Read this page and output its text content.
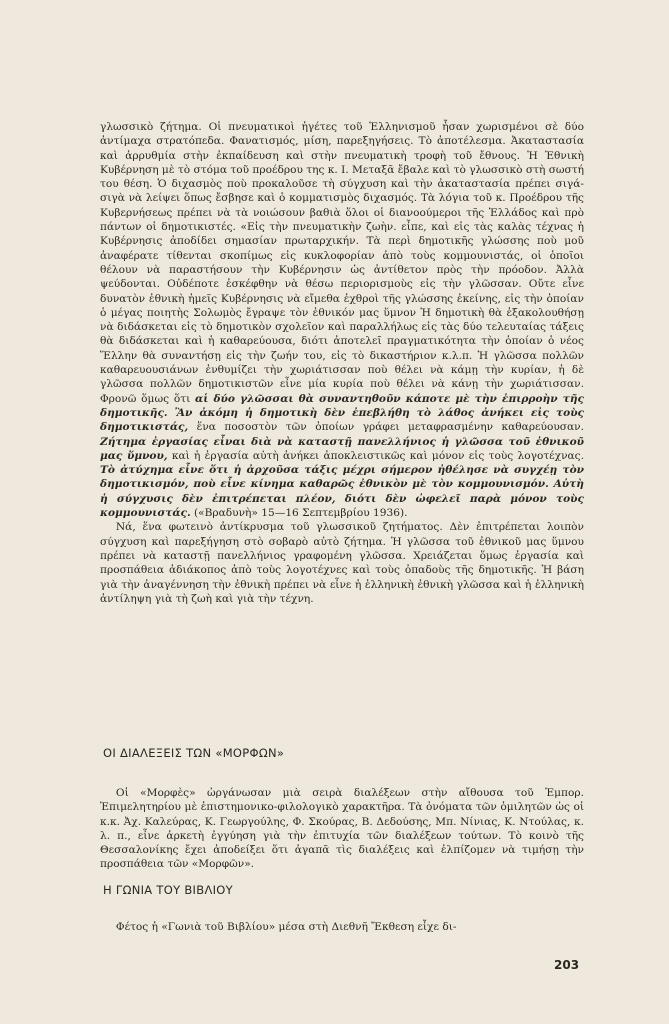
γλωσσικὸ ζήτημα. Οἱ πνευματικοὶ ἡγέτες τοῦ Ἑλληνισμοῦ ἦσαν χωρισμένοι σὲ δύο ἀντίμαχα στρατόπεδα. Φανατισμός, μίση, παρεξηγήσεις. Τὸ ἀποτέλεσμα. Ἀκαταστασία καὶ ἀρρυθμία στὴν ἐκπαίδευση καὶ στὴν πνευματικὴ τροφὴ τοῦ ἔθνους. Ἡ Ἐθνικὴ Κυβέρνηση μὲ τὸ στόμα τοῦ προέδρου της κ. Ι. Μεταξᾶ ἔβαλε καὶ τὸ γλωσσικὸ στὴ σωστή του θέση. Ὁ διχασμὸς ποὺ προκαλοῦσε τὴ σύγχυση καὶ τὴν ἀκαταστασία πρέπει σιγά-σιγὰ νὰ λείψει ὅπως ἔσβησε καὶ ὁ κομματισμὸς διχασμός. Τὰ λόγια τοῦ κ. Προέδρου τῆς Κυβερνήσεως πρέπει νὰ τὰ νοιώσουν βαθιὰ ὅλοι οἱ διανοούμεροι τῆς Ἑλλάδος καὶ πρὸ πάντων οἱ δημοτικιστές. «Εἰς τὴν πνευματικὴν ζωὴν. εἶπε, καὶ εἰς τὰς καλὰς τέχνας ἡ Κυβέρνησις ἀποδίδει σημασίαν πρωταρχικήν. Τὰ περὶ δημοτικῆς γλώσσης ποὺ μοῦ ἀναφέρατε τίθενται σκοπίμως εἰς κυκλοφορίαν ἀπὸ τοὺς κομμουνιστάς, οἱ ὁποῖοι θέλουν νὰ παραστήσουν τὴν Κυβέρνησιν ὡς ἀντίθετον πρὸς τὴν πρόοδον. Ἀλλὰ ψεύδονται. Οὐδέποτε ἐσκέφθην νὰ θέσω περιορισμοὺς εἰς τὴν γλῶσσαν. Οὔτε εἶνε δυνατὸν ἐθνικὴ ἡμεῖς Κυβέρνησις νὰ εἴμεθα ἐχθροὶ τῆς γλώσσης ἐκείνης, εἰς τὴν ὁποίαν ὁ μέγας ποιητὴς Σολωμὸς ἔγραψε τὸν ἐθνικόν μας ὕμνον Ἡ δημοτικὴ θὰ ἐξακολουθήσῃ νὰ διδάσκεται εἰς τὸ δημοτικὸν σχολεῖον καὶ παραλλήλως εἰς τὰς δύο τελευταίας τάξεις θὰ διδάσκεται καὶ ἡ καθαρεύουσα, διότι ἀποτελεῖ πραγματικότητα τὴν ὁποίαν ὁ νέος Ἕλλην θὰ συναντήσῃ εἰς τὴν ζωήν του, εἰς τὸ δικαστήριον κ.λ.π. Ἡ γλῶσσα πολλῶν καθαρευουσιάνων ἐνθυμίζει τὴν χωριάτισσαν ποὺ θέλει νὰ κάμῃ τὴν κυρίαν, ἡ δὲ γλῶσσα πολλῶν δημοτικιστῶν εἶνε μία κυρία ποὺ θέλει νὰ κάνῃ τὴν χωριάτισσαν. Φρονῶ ὅμως ὅτι αἱ δύο γλῶσσαι θὰ συναντηθοῦν κάποτε μὲ τὴν ἐπιρροὴν τῆς δημοτικῆς. Ἂν ἀκόμη ἡ δημοτικὴ δὲν ἐπεβλήθη τὸ λάθος ἀνήκει εἰς τοὺς δημοτικιστάς, ἕνα ποσοστὸν τῶν ὁποίων γράφει μεταφρασμένην καθαρεύουσαν. Ζήτημα ἐργασίας εἶναι διὰ νὰ καταστῇ πανελλήνιος ἡ γλῶσσα τοῦ ἐθνικοῦ μας ὕμνου, καὶ ἡ ἐργασία αὐτὴ ἀνήκει ἀποκλειστικῶς καὶ μόνον εἰς τοὺς λογοτέχνας. Τὸ ἀτύχημα εἶνε ὅτι ἡ ἀρχοῦσα τάξις μέχρι σήμερον ἠθέλησε νὰ συγχέῃ τὸν δημοτικισμόν, ποὺ εἶνε κίνημα καθαρῶς ἐθνικὸν μὲ τὸν κομμουνισμόν. Αὐτὴ ἡ σύγχυσις δὲν ἐπιτρέπεται πλέον, διότι δὲν ὠφελεῖ παρὰ μόνον τοὺς κομμουνιστάς. («Βραδυνὴ» 15—16 Σεπτεμβρίου 1936).

Νά, ἕνα φωτεινὸ ἀντίκρυσμα τοῦ γλωσσικοῦ ζητήματος. Δὲν ἐπιτρέπεται λοιπὸν σύγχυση καὶ παρεξήγηση στὸ σοβαρὸ αὐτὸ ζήτημα. Ἡ γλῶσσα τοῦ ἐθνικοῦ μας ὕμνου πρέπει νὰ καταστῇ πανελλήνιος γραφομένη γλῶσσα. Χρειάζεται ὅμως ἐργασία καὶ προσπάθεια ἀδιάκοπος ἀπὸ τοὺς λογοτέχνες καὶ τοὺς ὀπαδοὺς τῆς δημοτικῆς. Ἡ βάση γιὰ τὴν ἀναγέννηση τὴν ἐθνικὴ πρέπει νὰ εἶνε ἡ ἑλληνικὴ ἐθνικὴ γλῶσσα καὶ ἡ ἑλληνικὴ ἀντίληψη γιὰ τὴ ζωὴ καὶ γιὰ τὴν τέχνη.

ΟΙ ΔΙΑΛΕΞΕΙΣ ΤΩΝ «ΜΟΡΦΩΝ»

Οἱ «Μορφὲς» ὠργάνωσαν μιὰ σειρὰ διαλέξεων στὴν αἴθουσα τοῦ Ἐμπορ. Ἐπιμελητηρίου μὲ ἐπιστημονικο-φιλολογικὸ χαρακτῆρα. Τὰ ὀνόματα τῶν ὁμιλητῶν ὡς οἱ κ.κ. Ἀχ. Καλεύρας, Κ. Γεωργούλης, Φ. Σκούρας, Β. Δεδούσης, Μπ. Νίνιας, Κ. Ντούλας, κ. λ. π., εἶνε ἀρκετὴ ἐγγύηση γιὰ τὴν ἐπιτυχία τῶν διαλέξεων τούτων. Τὸ κοινὸ τῆς Θεσσαλονίκης ἔχει ἀποδείξει ὅτι ἀγαπᾶ τὶς διαλέξεις καὶ ἐλπίζομεν νὰ τιμήσῃ τὴν προσπάθεια τῶν «Μορφῶν».

Η ΓΩΝΙΑ ΤΟΥ ΒΙΒΛΙΟΥ

Φέτος ἡ «Γωνιὰ τοῦ Βιβλίου» μέσα στὴ Διεθνῆ Ἔκθεση εἶχε δι-

203
